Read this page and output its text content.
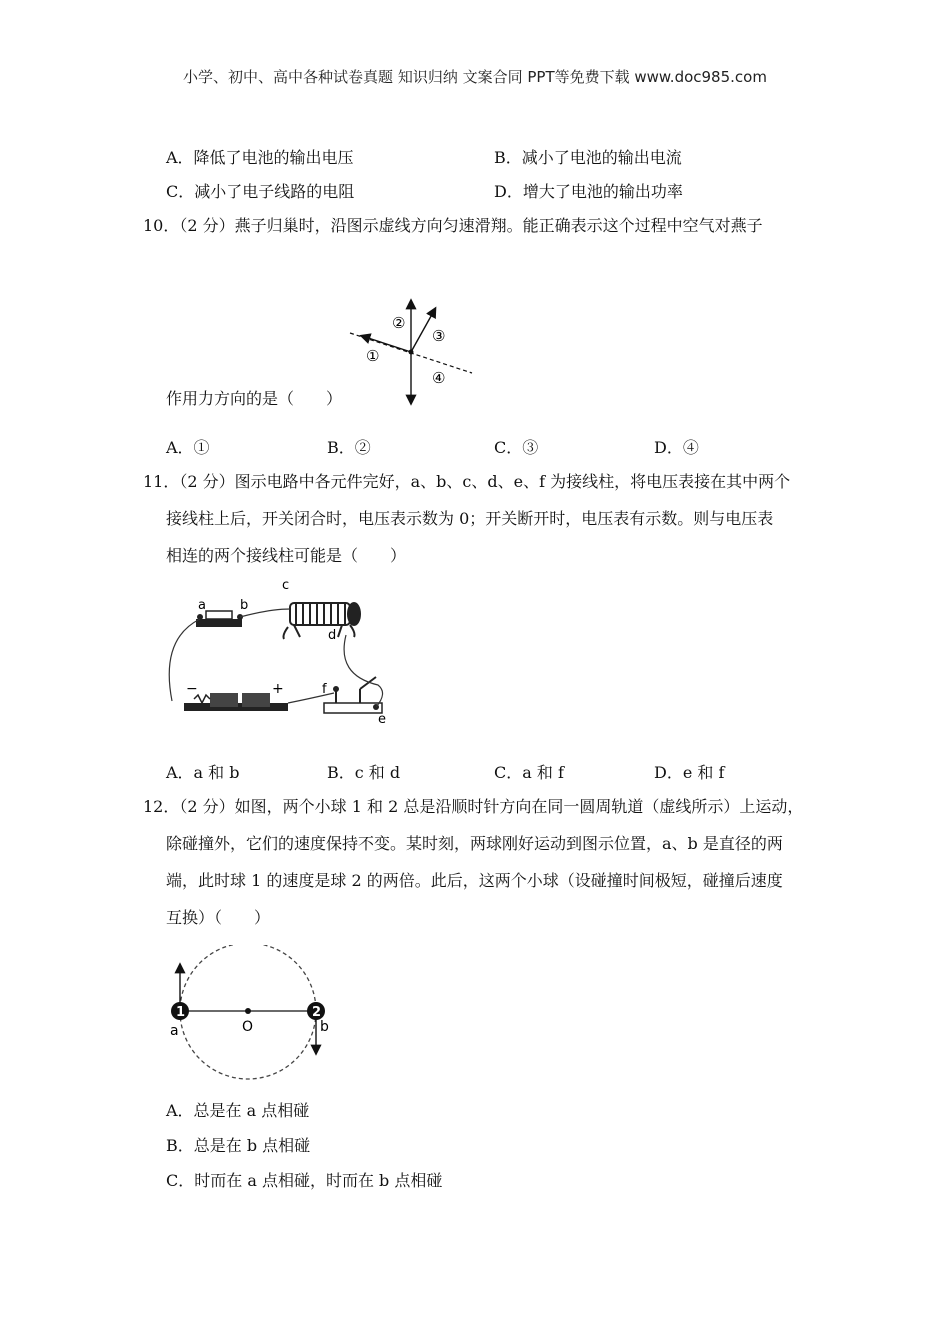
小学、初中、高中各种试卷真题 知识归纳 文案合同 PPT等免费下载 www.doc985.com
A．降低了电池的输出电压	B．减小了电池的输出电流
C．减小了电子线路的电阻	D．增大了电池的输出功率
10．（2 分）燕子归巢时，沿图示虚线方向匀速滑翔。能正确表示这个过程中空气对燕子
①
②
③
④
作用力方向的是（　　）
A．①	B．②	C．③	D．④
11．（2 分）图示电路中各元件完好，a、b、c、d、e、f 为接线柱，将电压表接在其中两个
接线柱上后，开关闭合时，电压表示数为 0；开关断开时，电压表有示数。则与电压表
相连的两个接线柱可能是（　　）
a	b
c
d
−	+	f
e
A．a 和 b	B．c 和 d	C．a 和 f	D．e 和 f
12．（2 分）如图，两个小球 1 和 2 总是沿顺时针方向在同一圆周轨道（虚线所示）上运动，
除碰撞外，它们的速度保持不变。某时刻，两球刚好运动到图示位置，a、b 是直径的两
端，此时球 1 的速度是球 2 的两倍。此后，这两个小球（设碰撞时间极短，碰撞后速度
互换）（　　）
1	2
a	b
O
A．总是在 a 点相碰
B．总是在 b 点相碰
C．时而在 a 点相碰，时而在 b 点相碰
